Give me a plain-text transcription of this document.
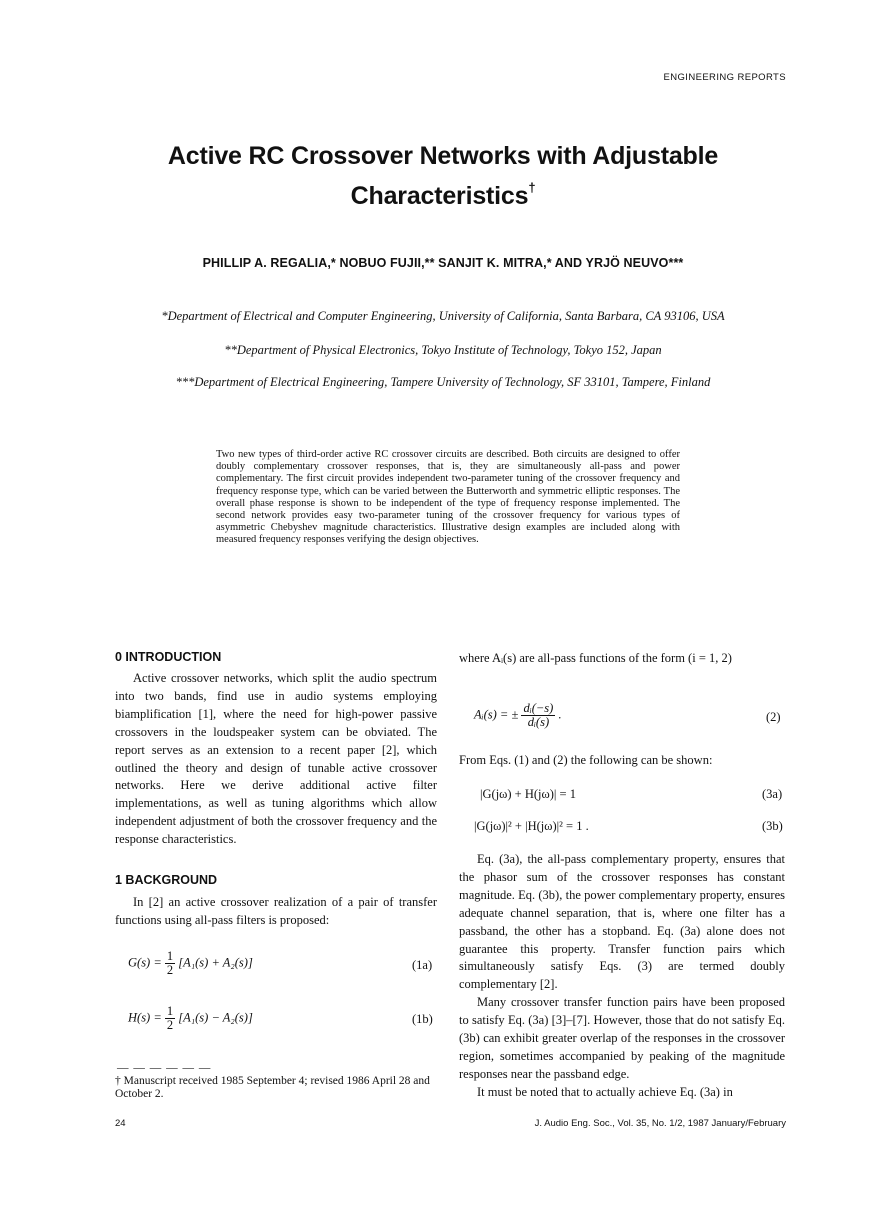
ENGINEERING REPORTS
Active RC Crossover Networks with Adjustable
Characteristics†
PHILLIP A. REGALIA,* NOBUO FUJII,** SANJIT K. MITRA,* AND YRJÖ NEUVO***
*Department of Electrical and Computer Engineering, University of California, Santa Barbara, CA 93106, USA
**Department of Physical Electronics, Tokyo Institute of Technology, Tokyo 152, Japan
***Department of Electrical Engineering, Tampere University of Technology, SF 33101, Tampere, Finland
Two new types of third-order active RC crossover circuits are described. Both circuits are designed to offer doubly complementary crossover responses, that is, they are simultaneously all-pass and power complementary. The first circuit provides independent two-parameter tuning of the crossover frequency and frequency response type, which can be varied between the Butterworth and symmetric elliptic responses. The overall phase response is shown to be independent of the type of frequency response implemented. The second network provides easy two-parameter tuning of the crossover frequency for various types of asymmetric Chebyshev magnitude characteristics. Illustrative design examples are included along with measured frequency responses verifying the design objectives.
0 INTRODUCTION

Active crossover networks, which split the audio spectrum into two bands, find use in audio systems employing biamplification [1], where the need for high-power passive crossovers in the loudspeaker system can be obviated. The report serves as an extension to a recent paper [2], which outlined the theory and design of tunable active crossover networks. Here we derive additional active filter implementations, as well as tuning algorithms which allow independent adjustment of both the crossover frequency and the response characteristics.

1 BACKGROUND

In [2] an active crossover realization of a pair of transfer functions using all-pass filters is proposed:

$G(s) = \frac{1}{2} [A_1(s) + A_2(s)]$	(1a)
$H(s) = \frac{1}{2} [A_1(s) - A_2(s)]$	(1b)
— — — — — —
† Manuscript received 1985 September 4; revised 1986 April 28 and October 2.
where Aᵢ(s) are all-pass functions of the form (i = 1, 2)
Aᵢ(s) = ± $\frac{\text{dᵢ(−s)}}{\text{dᵢ(s)}}$ .	(2)
From Eqs. (1) and (2) the following can be shown:
|G(jω) + H(jω)| = 1	(3a)
|G(jω)|² + |H(jω)|² = 1 .	(3b)

Eq. (3a), the all-pass complementary property, ensures that the phasor sum of the crossover responses has constant magnitude. Eq. (3b), the power complementary property, ensures adequate channel separation, that is, where one filter has a passband, the other has a stopband. Eq. (3a) alone does not guarantee this property. Transfer function pairs which simultaneously satisfy Eqs. (3) are termed doubly complementary [2].

Many crossover transfer function pairs have been proposed to satisfy Eq. (3a) [3]–[7]. However, those that do not satisfy Eq. (3b) can exhibit greater overlap of the responses in the crossover region, sometimes accompanied by peaking of the magnitude responses near the passband edge.

It must be noted that to actually achieve Eq. (3a) in

24	J. Audio Eng. Soc., Vol. 35, No. 1/2, 1987 January/February
